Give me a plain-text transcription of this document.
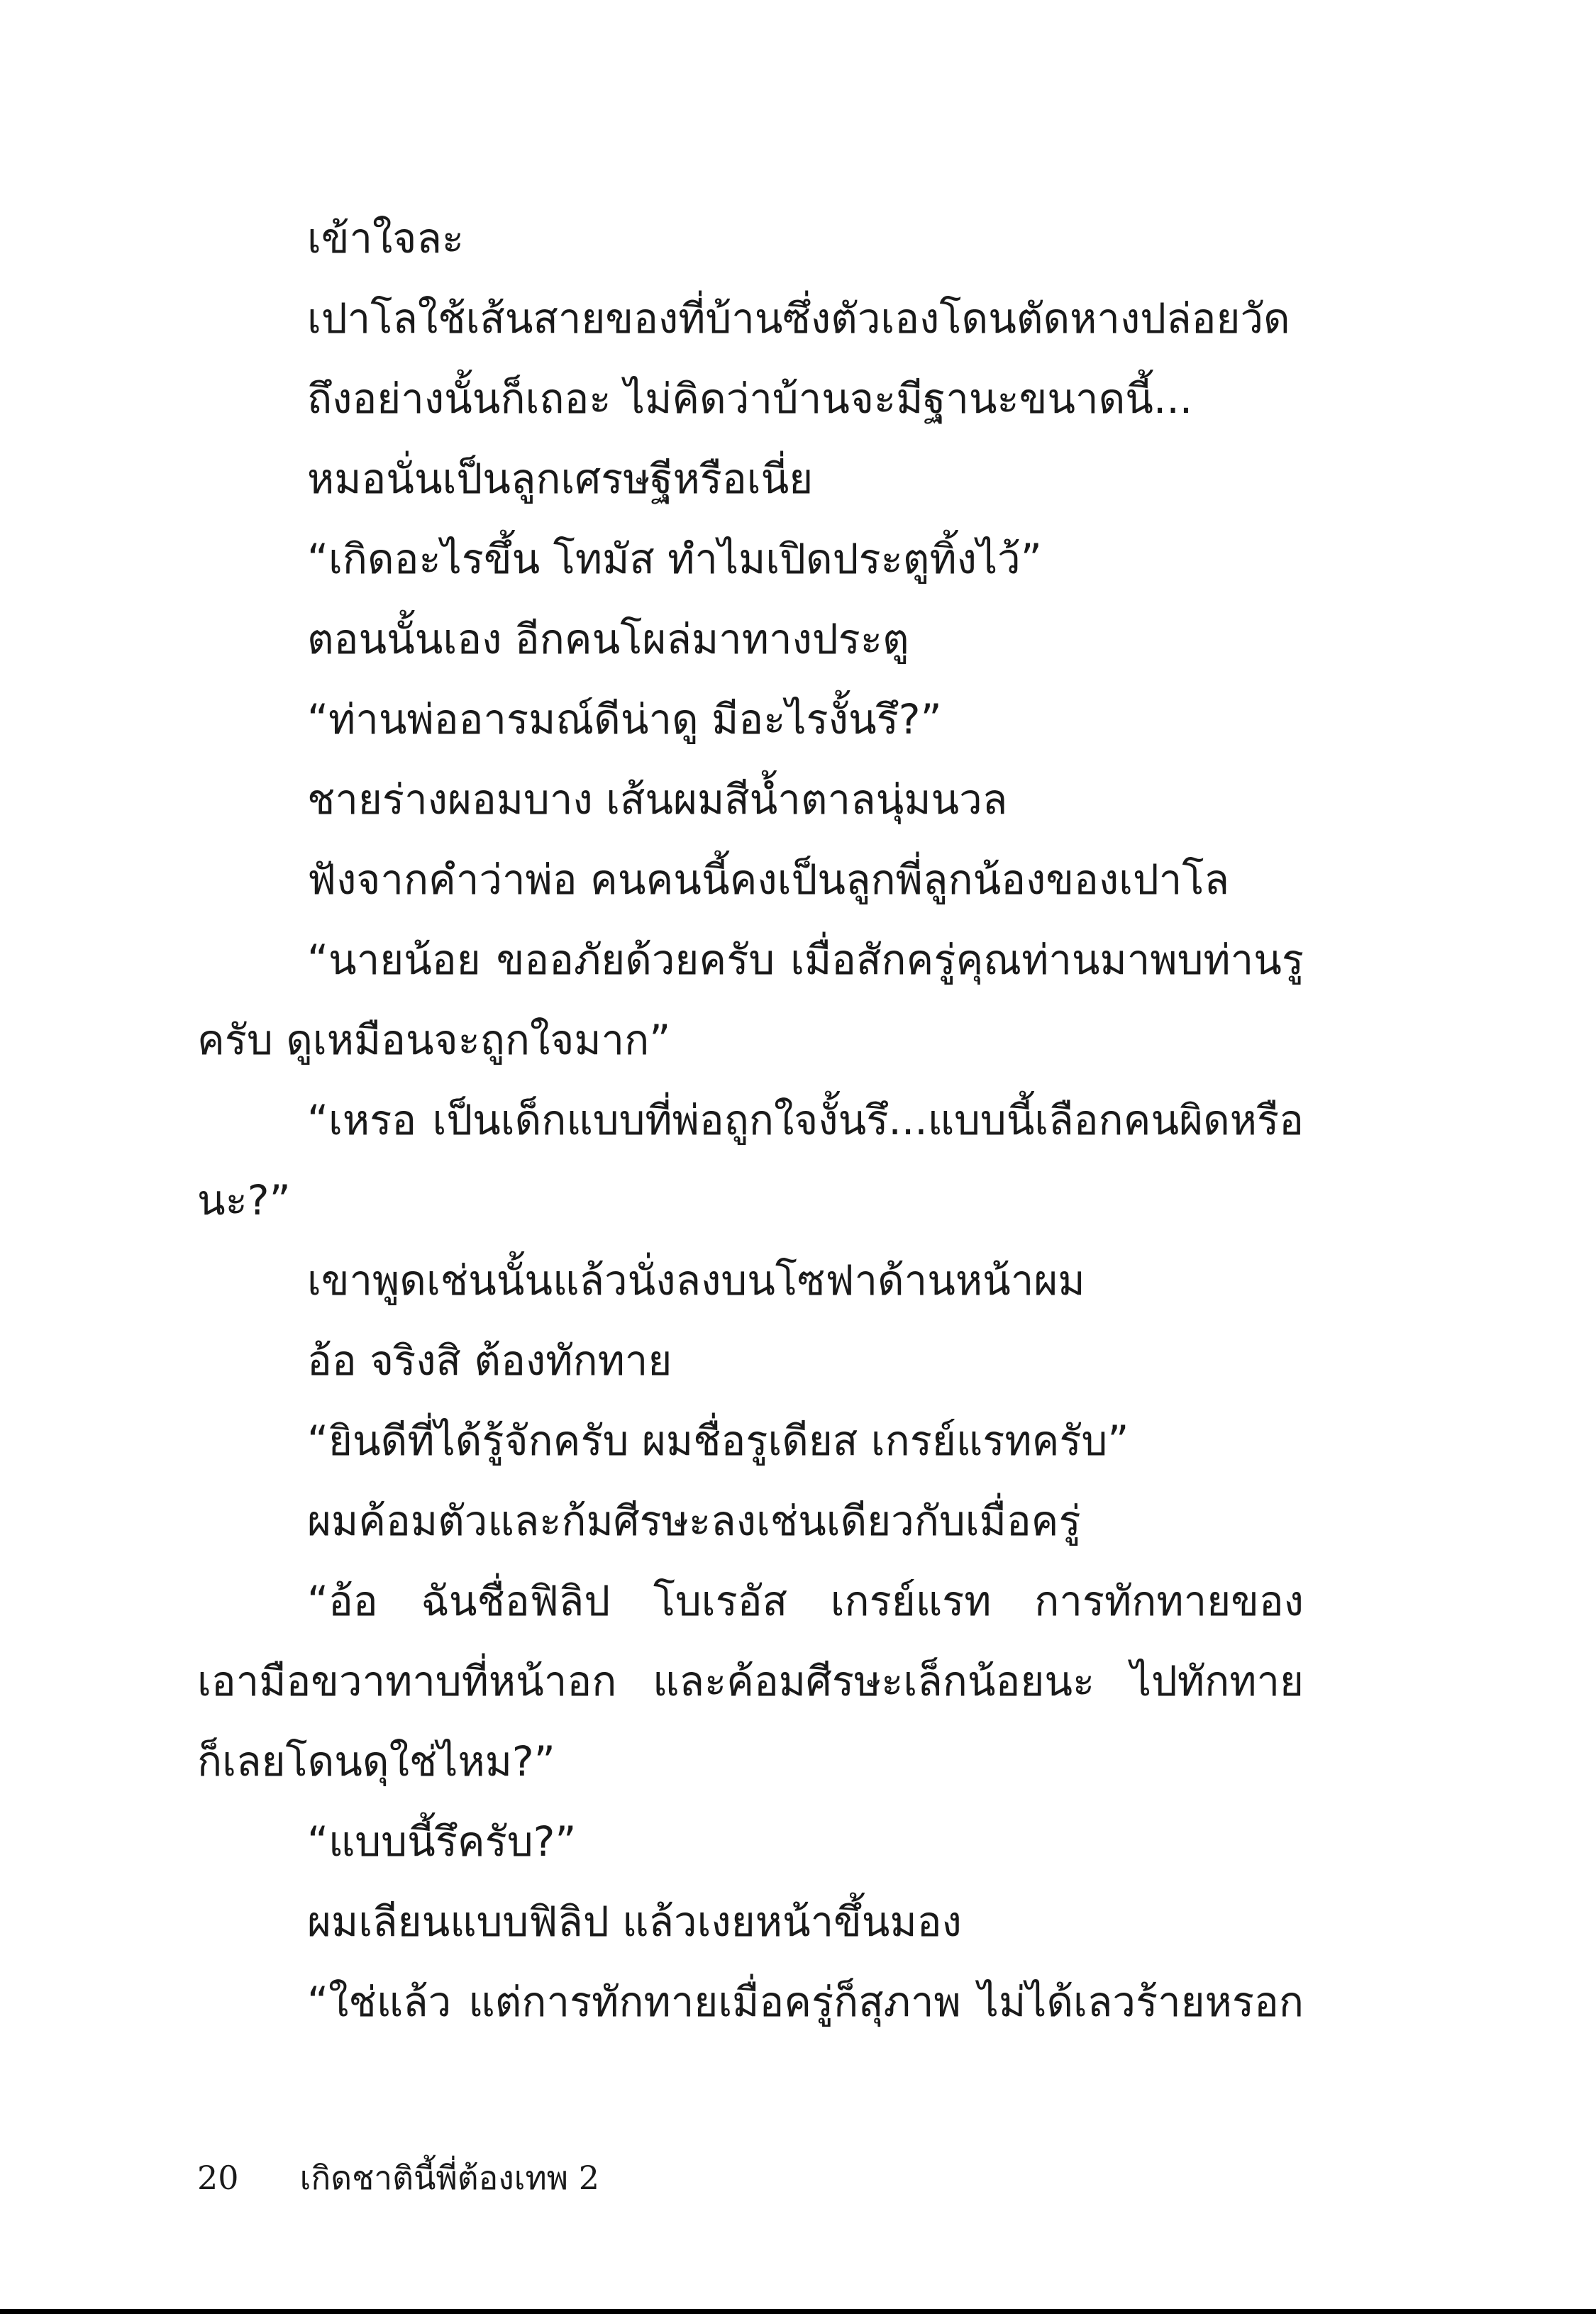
เข้าใจละ

เปาโลใช้เส้นสายของที่บ้านซึ่งตัวเองโดนตัดหางปล่อยวัด

ถึงอย่างนั้นก็เถอะ ไม่คิดว่าบ้านจะมีฐานะขนาดนี้...

หมอนั่นเป็นลูกเศรษฐีหรือเนี่ย

“เกิดอะไรขึ้น โทมัส ทำไมเปิดประตูทิ้งไว้”

ตอนนั้นเอง อีกคนโผล่มาทางประตู

“ท่านพ่ออารมณ์ดีน่าดู มีอะไรงั้นรึ?”

ชายร่างผอมบาง เส้นผมสีน้ำตาลนุ่มนวล

ฟังจากคำว่าพ่อ คนคนนี้คงเป็นลูกพี่ลูกน้องของเปาโล

“นายน้อย ขออภัยด้วยครับ เมื่อสักครู่คุณท่านมาพบท่านรู

ครับ ดูเหมือนจะถูกใจมาก”

“เหรอ เป็นเด็กแบบที่พ่อถูกใจงั้นรึ...แบบนี้เลือกคนผิดหรือ

นะ?”

เขาพูดเช่นนั้นแล้วนั่งลงบนโซฟาด้านหน้าผม

อ้อ จริงสิ ต้องทักทาย

“ยินดีที่ได้รู้จักครับ ผมชื่อรูเดียส เกรย์แรทครับ”

ผมค้อมตัวและก้มศีรษะลงเช่นเดียวกับเมื่อครู่

“อ้อ ฉันชื่อฟิลิป โบเรอัส เกรย์แรท การทักทายของ

เอามือขวาทาบที่หน้าอก และค้อมศีรษะเล็กน้อยนะ ไปทักทาย

ก็เลยโดนดุใช่ไหม?”

“แบบนี้รึครับ?”

ผมเลียนแบบฟิลิป แล้วเงยหน้าขึ้นมอง

“ใช่แล้ว แต่การทักทายเมื่อครู่ก็สุภาพ ไม่ได้เลวร้ายหรอก

20 เกิดชาตินี้พี่ต้องเทพ 2
